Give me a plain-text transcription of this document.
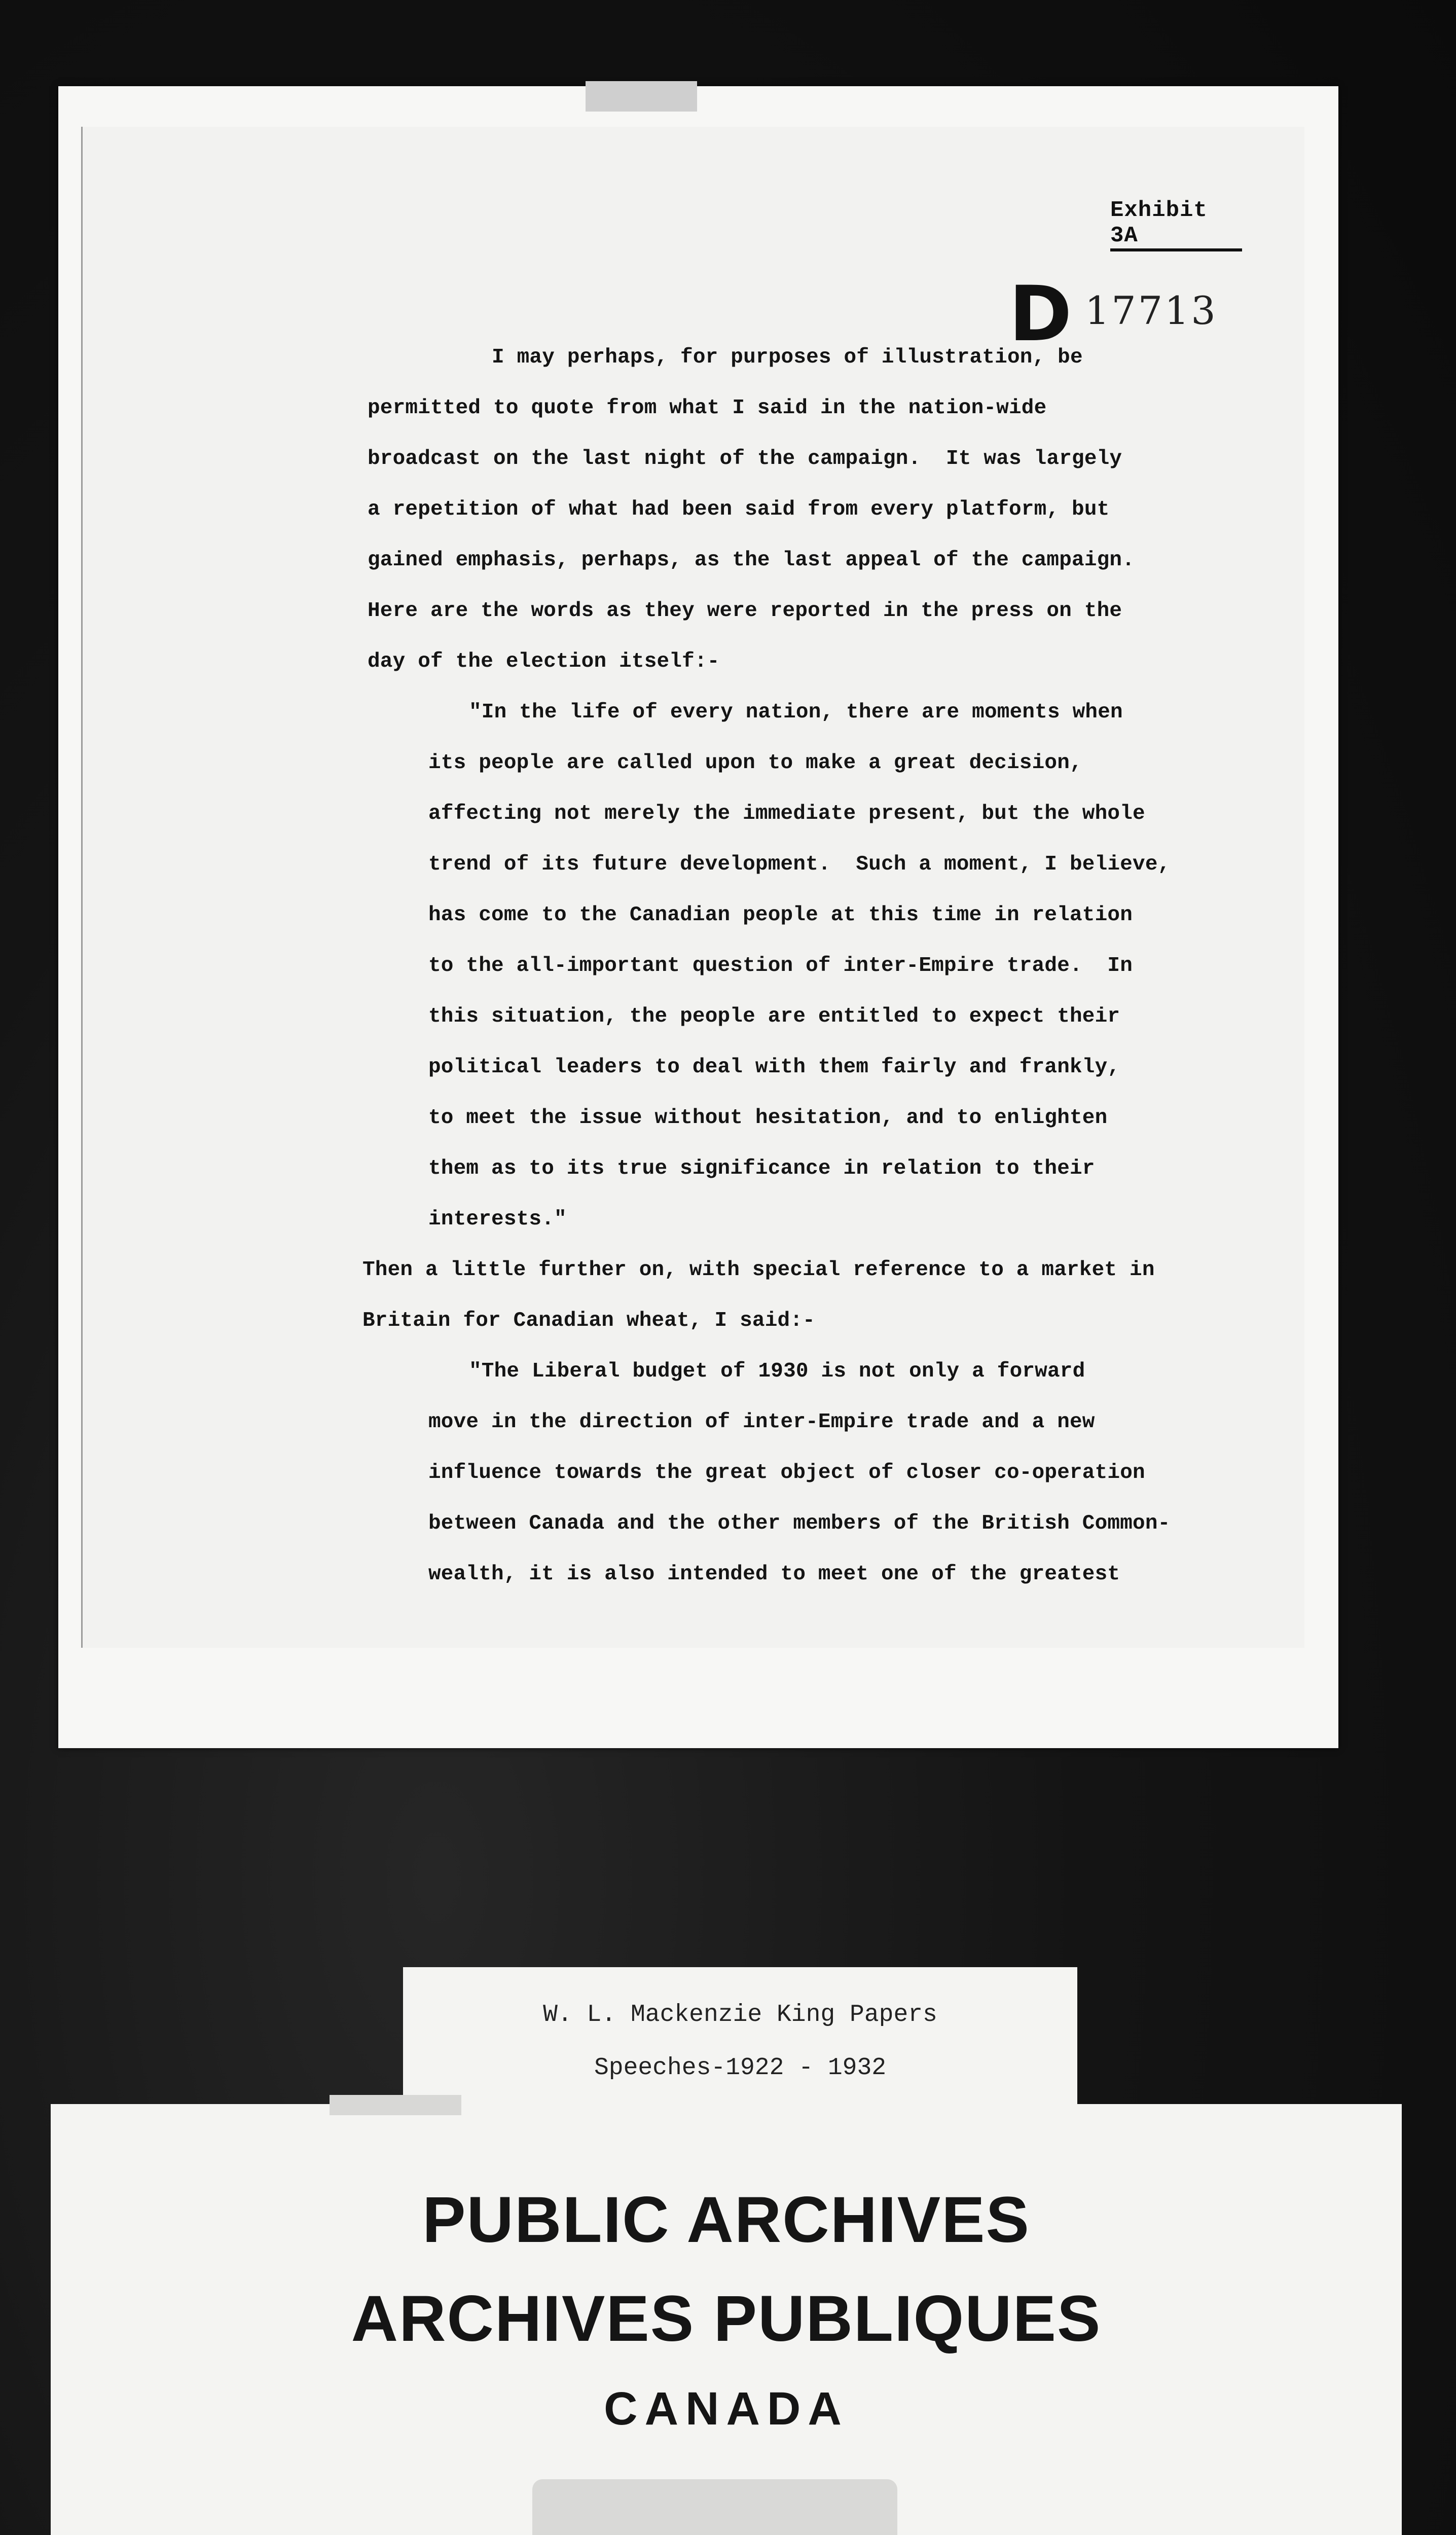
Exhibit 3A
D 17713
I may perhaps, for purposes of illustration, be
permitted to quote from what I said in the nation-wide
broadcast on the last night of the campaign.  It was largely
a repetition of what had been said from every platform, but
gained emphasis, perhaps, as the last appeal of the campaign.
Here are the words as they were reported in the press on the
day of the election itself:-
"In the life of every nation, there are moments when
its people are called upon to make a great decision,
affecting not merely the immediate present, but the whole
trend of its future development.  Such a moment, I believe,
has come to the Canadian people at this time in relation
to the all-important question of inter-Empire trade.  In
this situation, the people are entitled to expect their
political leaders to deal with them fairly and frankly,
to meet the issue without hesitation, and to enlighten
them as to its true significance in relation to their
interests."
Then a little further on, with special reference to a market in
Britain for Canadian wheat, I said:-
"The Liberal budget of 1930 is not only a forward
move in the direction of inter-Empire trade and a new
influence towards the great object of closer co-operation
between Canada and the other members of the British Common-
wealth, it is also intended to meet one of the greatest
W. L. Mackenzie King Papers
Speeches-1922 - 1932
PUBLIC ARCHIVES
ARCHIVES PUBLIQUES
CANADA
